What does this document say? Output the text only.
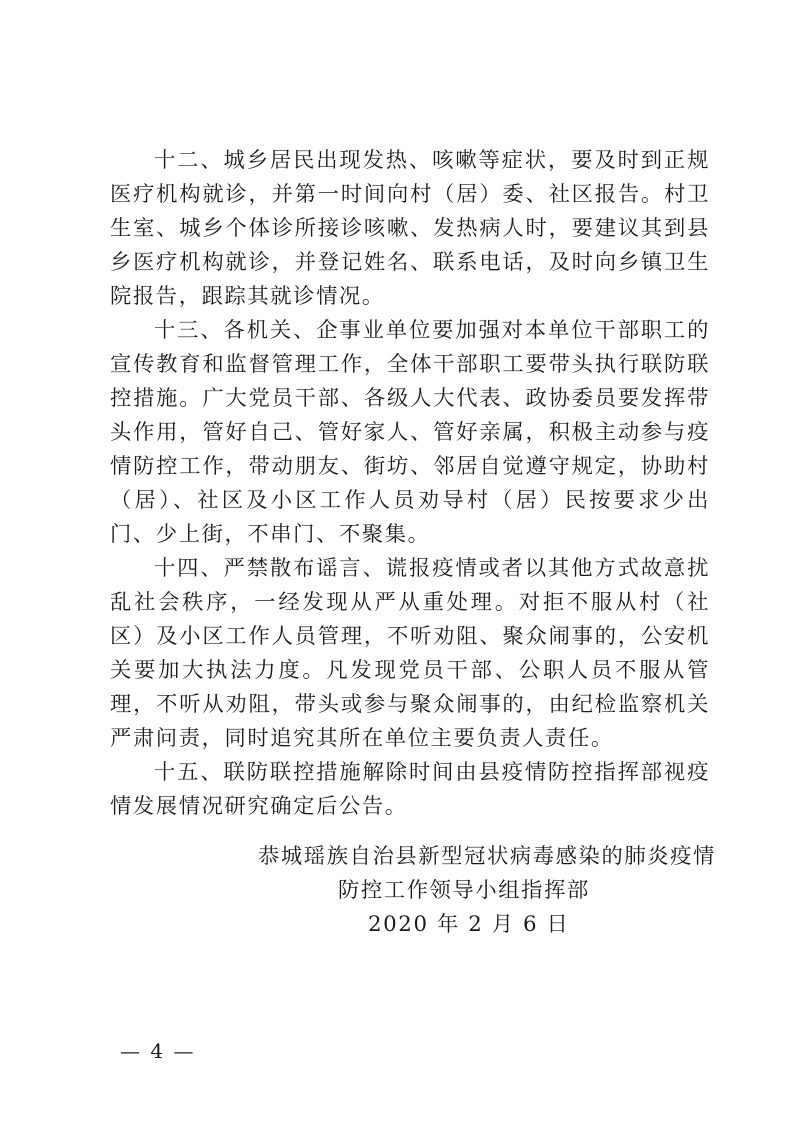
十二、城乡居民出现发热、咳嗽等症状，要及时到正规医疗机构就诊，并第一时间向村（居）委、社区报告。村卫生室、城乡个体诊所接诊咳嗽、发热病人时，要建议其到县乡医疗机构就诊，并登记姓名、联系电话，及时向乡镇卫生院报告，跟踪其就诊情况。

十三、各机关、企事业单位要加强对本单位干部职工的宣传教育和监督管理工作，全体干部职工要带头执行联防联控措施。广大党员干部、各级人大代表、政协委员要发挥带头作用，管好自己、管好家人、管好亲属，积极主动参与疫情防控工作，带动朋友、街坊、邻居自觉遵守规定，协助村（居）、社区及小区工作人员劝导村（居）民按要求少出门、少上街，不串门、不聚集。

十四、严禁散布谣言、谎报疫情或者以其他方式故意扰乱社会秩序，一经发现从严从重处理。对拒不服从村（社区）及小区工作人员管理，不听劝阻、聚众闹事的，公安机关要加大执法力度。凡发现党员干部、公职人员不服从管理，不听从劝阻，带头或参与聚众闹事的，由纪检监察机关严肃问责，同时追究其所在单位主要负责人责任。

十五、联防联控措施解除时间由县疫情防控指挥部视疫情发展情况研究确定后公告。

恭城瑶族自治县新型冠状病毒感染的肺炎疫情

防控工作领导小组指挥部

2020 年 2 月 6 日

— 4 —
